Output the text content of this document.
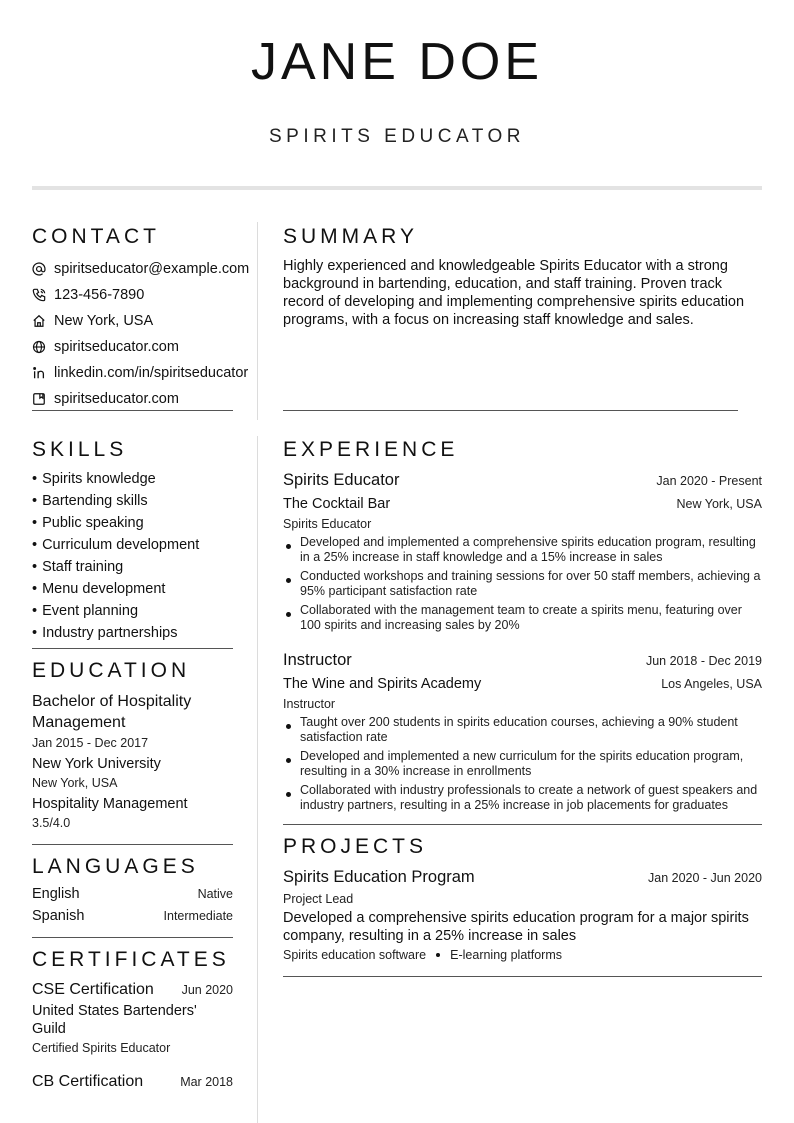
JANE DOE
SPIRITS EDUCATOR
CONTACT
spiritseducator@example.com
123-456-7890
New York, USA
spiritseducator.com
linkedin.com/in/spiritseducator
spiritseducator.com
SUMMARY
Highly experienced and knowledgeable Spirits Educator with a strong background in bartending, education, and staff training. Proven track record of developing and implementing comprehensive spirits education programs, with a focus on increasing staff knowledge and sales.
SKILLS
• Spirits knowledge
• Bartending skills
• Public speaking
• Curriculum development
• Staff training
• Menu development
• Event planning
• Industry partnerships
EDUCATION
Bachelor of Hospitality Management
Jan 2015 - Dec 2017
New York University
New York, USA
Hospitality Management
3.5/4.0
LANGUAGES
English	Native
Spanish	Intermediate
CERTIFICATES
CSE Certification Jun 2020
United States Bartenders' Guild
Certified Spirits Educator
CB Certification	Mar 2018
EXPERIENCE
Spirits Educator	Jan 2020 - Present
The Cocktail Bar	New York, USA
Spirits Educator
Developed and implemented a comprehensive spirits education program, resulting in a 25% increase in staff knowledge and a 15% increase in sales
Conducted workshops and training sessions for over 50 staff members, achieving a 95% participant satisfaction rate
Collaborated with the management team to create a spirits menu, featuring over 100 spirits and increasing sales by 20%
Instructor	Jun 2018 - Dec 2019
The Wine and Spirits Academy	Los Angeles, USA
Instructor
Taught over 200 students in spirits education courses, achieving a 90% student satisfaction rate
Developed and implemented a new curriculum for the spirits education program, resulting in a 30% increase in enrollments
Collaborated with industry professionals to create a network of guest speakers and industry partners, resulting in a 25% increase in job placements for graduates
PROJECTS
Spirits Education Program	Jan 2020 - Jun 2020
Project Lead
Developed a comprehensive spirits education program for a major spirits company, resulting in a 25% increase in sales
Spirits education software E-learning platforms
